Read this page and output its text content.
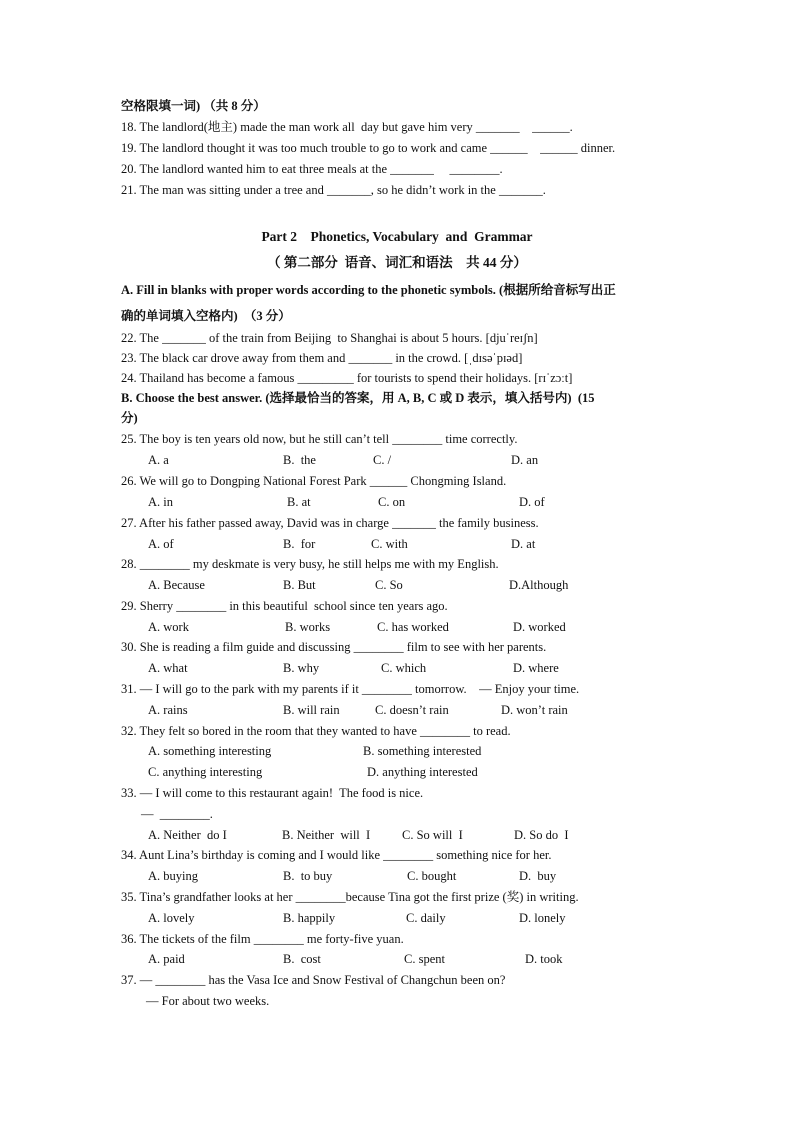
空格限填一词) （共 8 分）
18. The landlord(地主) made the man work all  day but gave him very _______    ______.
19. The landlord thought it was too much trouble to go to work and came ______    ______ dinner.
20. The landlord wanted him to eat three meals at the _______     ________.
21. The man was sitting under a tree and _______, so he didn’t work in the _______.
Part 2    Phonetics, Vocabulary  and  Grammar
（ 第二部分  语音、词汇和语法    共 44 分）
A. Fill in blanks with proper words according to the phonetic symbols. (根据所给音标写出正
确的单词填入空格内)  （3 分）
22. The _______ of the train from Beijing  to Shanghai is about 5 hours. [djuˈreɪʃn]
23. The black car drove away from them and _______ in the crowd. [ˌdɪsəˈpɪəd]
24. Thailand has become a famous _________ for tourists to spend their holidays. [rɪˈzɔːt]
B. Choose the best answer. (选择最恰当的答案，用 A, B, C 或 D 表示，填入括号内)  (15
分)
25. The boy is ten years old now, but he still can’t tell ________ time correctly.
A. a	B.  the	C. /	D. an
26. We will go to Dongping National Forest Park ______ Chongming Island.
A. in	B. at	C. on	D. of
27. After his father passed away, David was in charge _______ the family business.
A. of	B.  for	C. with	D. at
28. ________ my deskmate is very busy, he still helps me with my English.
A. Because	B. But	C. So	D.Although
29. Sherry ________ in this beautiful  school since ten years ago.
A. work	B. works	C. has worked	D. worked
30. She is reading a film guide and discussing ________ film to see with her parents.
A. what	B. why	C. which	D. where
31. — I will go to the park with my parents if it ________ tomorrow.    — Enjoy your time.
A. rains	B. will rain	C. doesn’t rain	D. won’t rain
32. They felt so bored in the room that they wanted to have ________ to read.
A. something interesting	B. something interested
C. anything interesting	D. anything interested
33. — I will come to this restaurant again!  The food is nice.
—  ________.
A. Neither  do I	B. Neither  will  I	C. So will  I	D. So do  I
34. Aunt Lina’s birthday is coming and I would like ________ something nice for her.
A. buying	B.  to buy	C. bought	D.  buy
35. Tina’s grandfather looks at her ________because Tina got the first prize (奖) in writing.
A. lovely	B. happily	C. daily	D. lonely
36. The tickets of the film ________ me forty-five yuan.
A. paid	B.  cost	C. spent	D. took
37. — ________ has the Vasa Ice and Snow Festival of Changchun been on?
— For about two weeks.
